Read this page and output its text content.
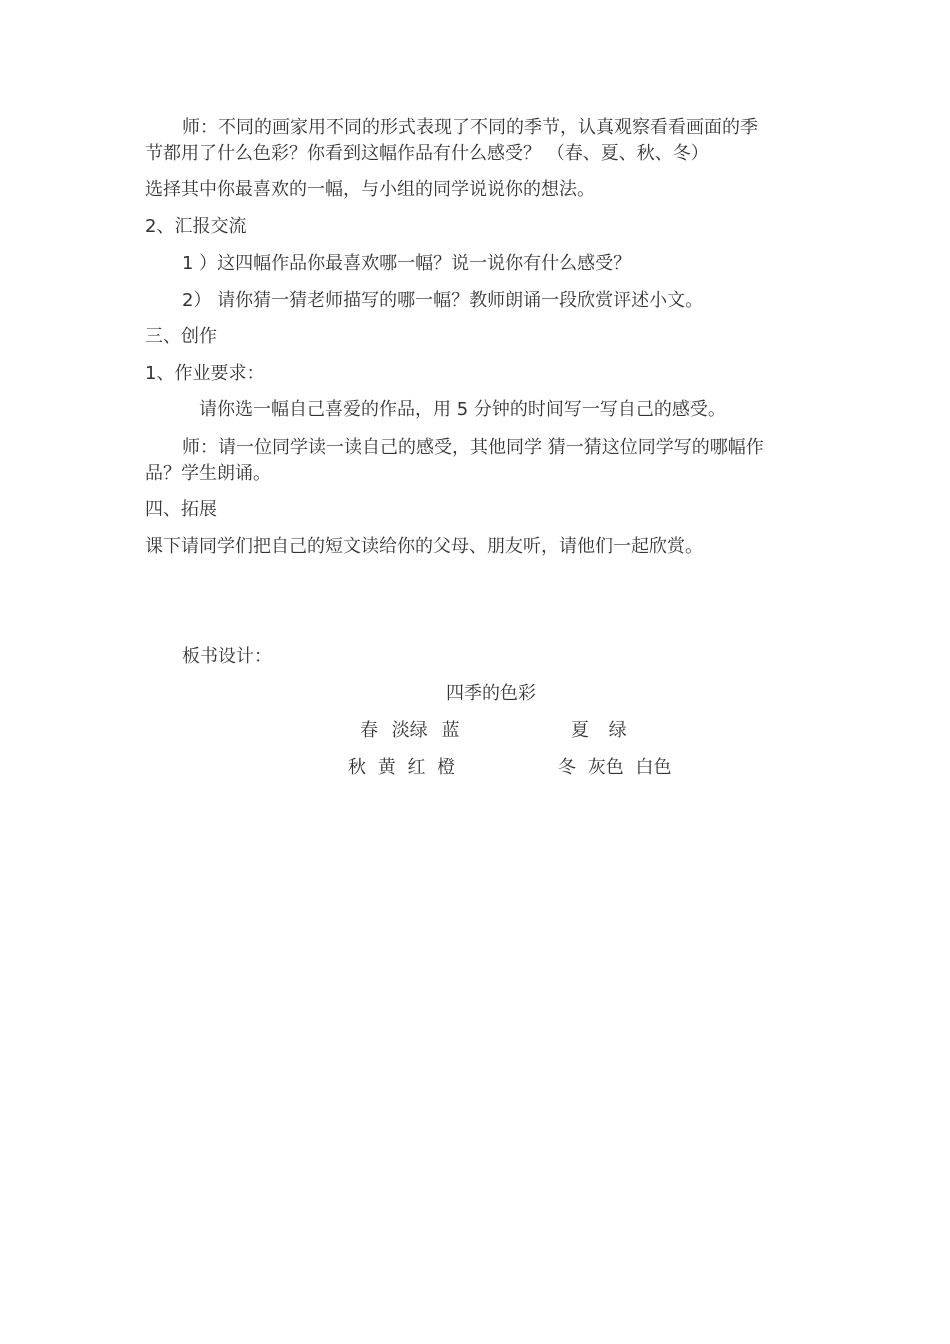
师：不同的画家用不同的形式表现了不同的季节，认真观察看看画面的季
节都用了什么色彩？你看到这幅作品有什么感受？ （春、夏、秋、冬）
选择其中你最喜欢的一幅，与小组的同学说说你的想法。
2、汇报交流
1 ）这四幅作品你最喜欢哪一幅？说一说你有什么感受？
2） 请你猜一猜老师描写的哪一幅？教师朗诵一段欣赏评述小文。
三、创作
1、作业要求：
请你选一幅自己喜爱的作品，用 5 分钟的时间写一写自己的感受。
师：请一位同学读一读自己的感受，其他同学 猜一猜这位同学写的哪幅作
品？学生朗诵。
四、拓展
课下请同学们把自己的短文读给你的父母、朋友听，请他们一起欣赏。
板书设计：
四季的色彩
春 淡绿 蓝	夏 绿
秋 黄 红 橙	冬 灰色 白色
